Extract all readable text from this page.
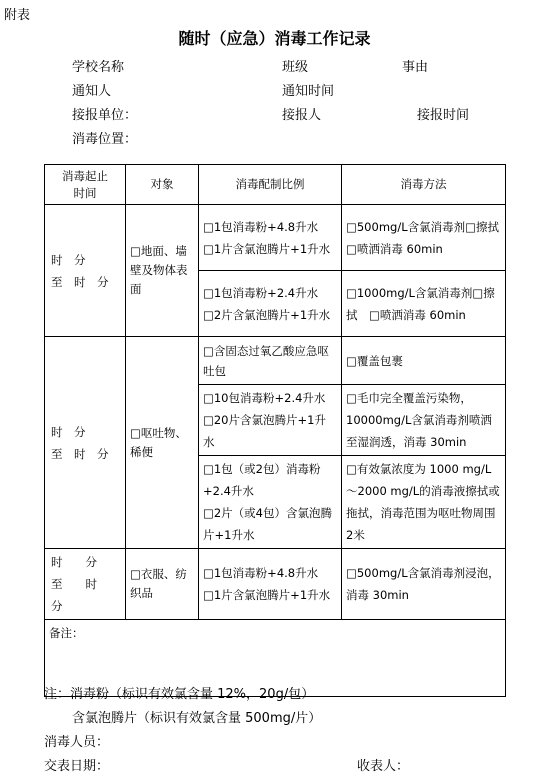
附表
随时（应急）消毒工作记录
学校名称	班级	事由
通知人	通知时间
接报单位：	接报人	接报时间
消毒位置：
消毒起止时间	对象	消毒配制比例	消毒方法

时　分
至　时　分	□地面、墙壁及物体表面	□1包消毒粉+4.8升水
□1片含氯泡腾片+1升水	□500mg/L含氯消毒剂□擦拭□喷洒消毒 60min

		□1包消毒粉+2.4升水
□2片含氯泡腾片+1升水	□1000mg/L含氯消毒剂□擦拭　□喷洒消毒 60min

时　分
至　时　分	□呕吐物、稀便	□含固态过氧乙酸应急呕吐包	□覆盖包裹

		□10包消毒粉+2.4升水
□20片含氯泡腾片+1升水	□毛巾完全覆盖污染物，10000mg/L含氯消毒剂喷洒至湿润透，消毒 30min

		□1包（或2包）消毒粉+2.4升水
□2片（或4包）含氯泡腾片+1升水	□有效氯浓度为 1000 mg/L～2000 mg/L的消毒液擦拭或拖拭，消毒范围为呕吐物周围2米

时　　分
至　　时
分	□衣服、纺织品	□1包消毒粉+4.8升水
□1片含氯泡腾片+1升水	□500mg/L含氯消毒剂浸泡，消毒 30min
备注：			
注：消毒粉（标识有效氯含量 12%，20g/包）
含氯泡腾片（标识有效氯含量 500mg/片）
消毒人员：
交表日期：	收表人：
